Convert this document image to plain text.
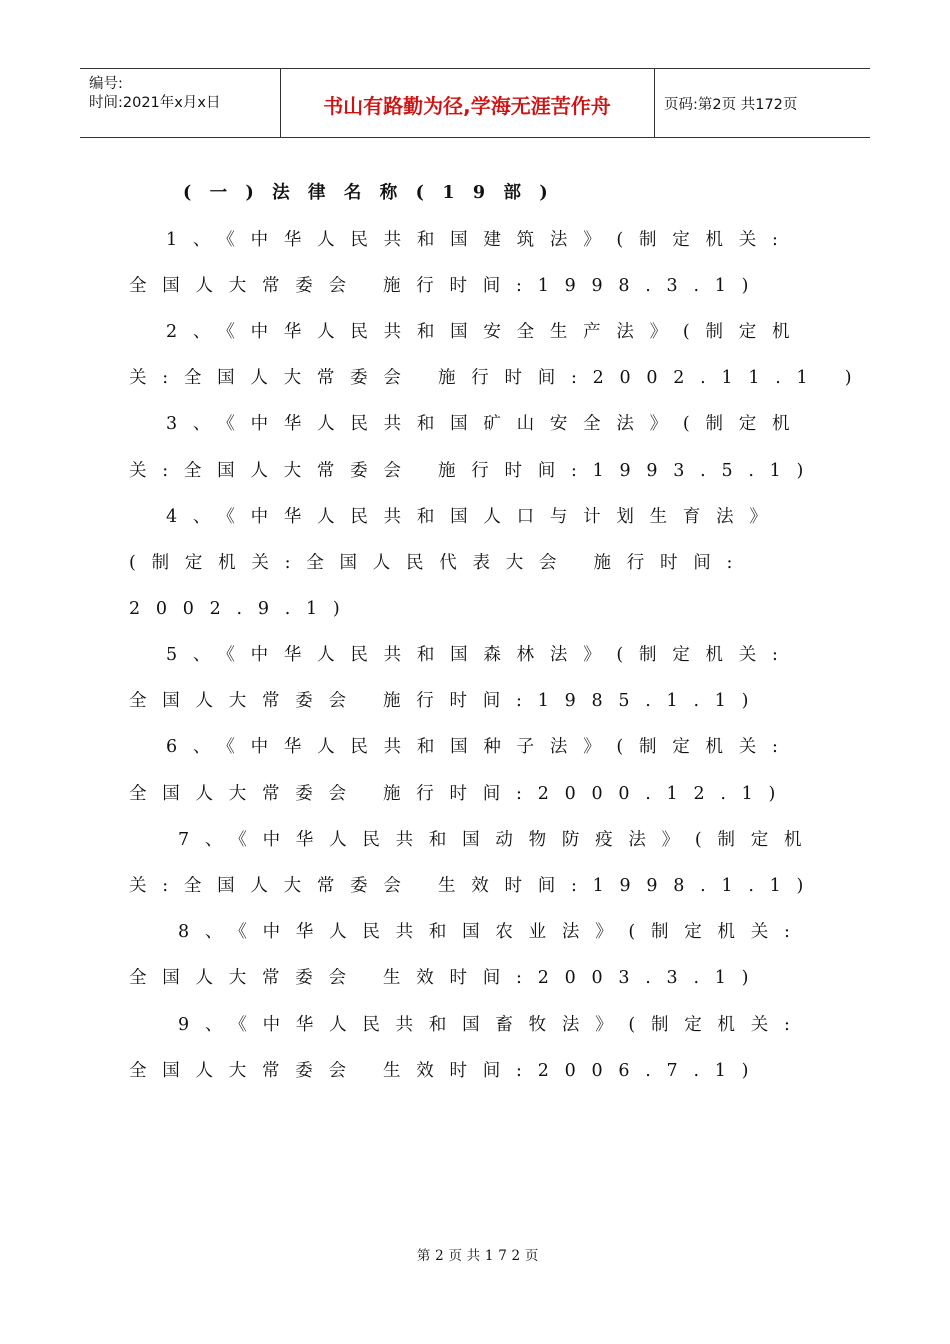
编号:
时间:2021年x月x日	书山有路勤为径,学海无涯苦作舟	页码:第2页 共172页
(一)法律名称(19部)
1、《中华人民共和国建筑法》(制定机关:
全国人大常委会 施行时间:1998.3.1)
2、《中华人民共和国安全生产法》(制定机
关:全国人大常委会 施行时间:2002.11.1 )
3、《中华人民共和国矿山安全法》(制定机
关:全国人大常委会 施行时间:1993.5.1)
4、《中华人民共和国人口与计划生育法》
(制定机关:全国人民代表大会 施行时间:
2002.9.1)
5、《中华人民共和国森林法》(制定机关:
全国人大常委会 施行时间:1985.1.1)
6、《中华人民共和国种子法》(制定机关:
全国人大常委会 施行时间:2000.12.1)
7、《中华人民共和国动物防疫法》(制定机
关:全国人大常委会 生效时间:1998.1.1)
8、《中华人民共和国农业法》(制定机关:
全国人大常委会 生效时间:2003.3.1)
9、《中华人民共和国畜牧法》(制定机关:
全国人大常委会 生效时间:2006.7.1)
第2页共172页
